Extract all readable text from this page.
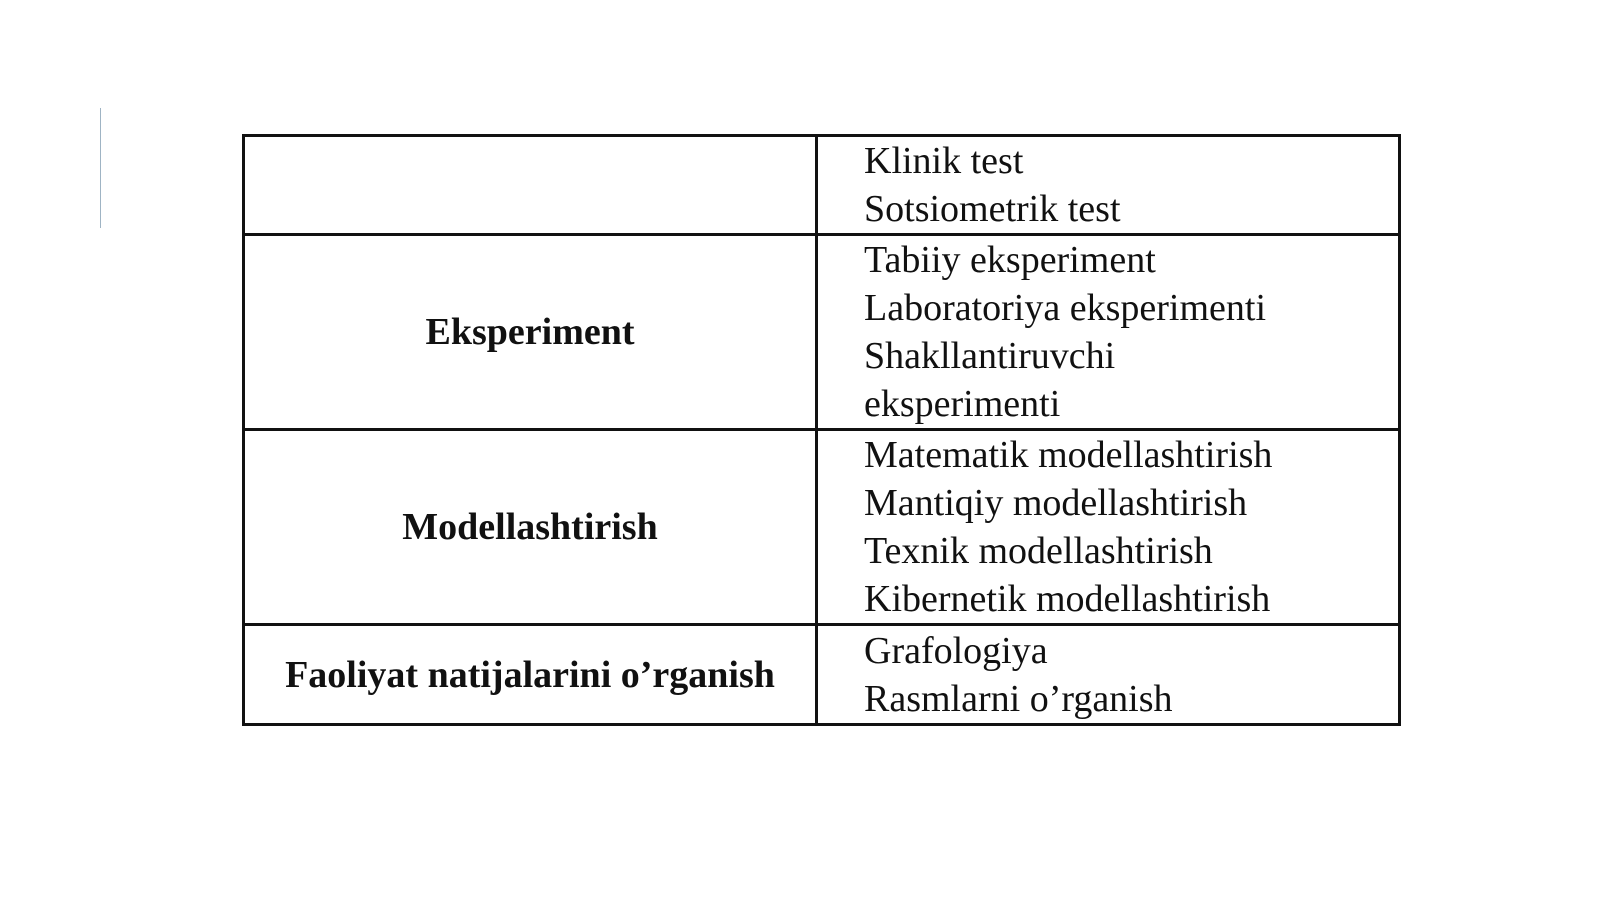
	Klinik test
Sotsiometrik test

Eksperiment	Tabiiy eksperiment
Laboratoriya eksperimenti
Shakllantiruvchi
eksperimenti

Modellashtirish	Matematik modellashtirish
Mantiqiy modellashtirish
Texnik modellashtirish
Kibernetik modellashtirish

Faoliyat natijalarini o’rganish	Grafologiya
Rasmlarni o’rganish
